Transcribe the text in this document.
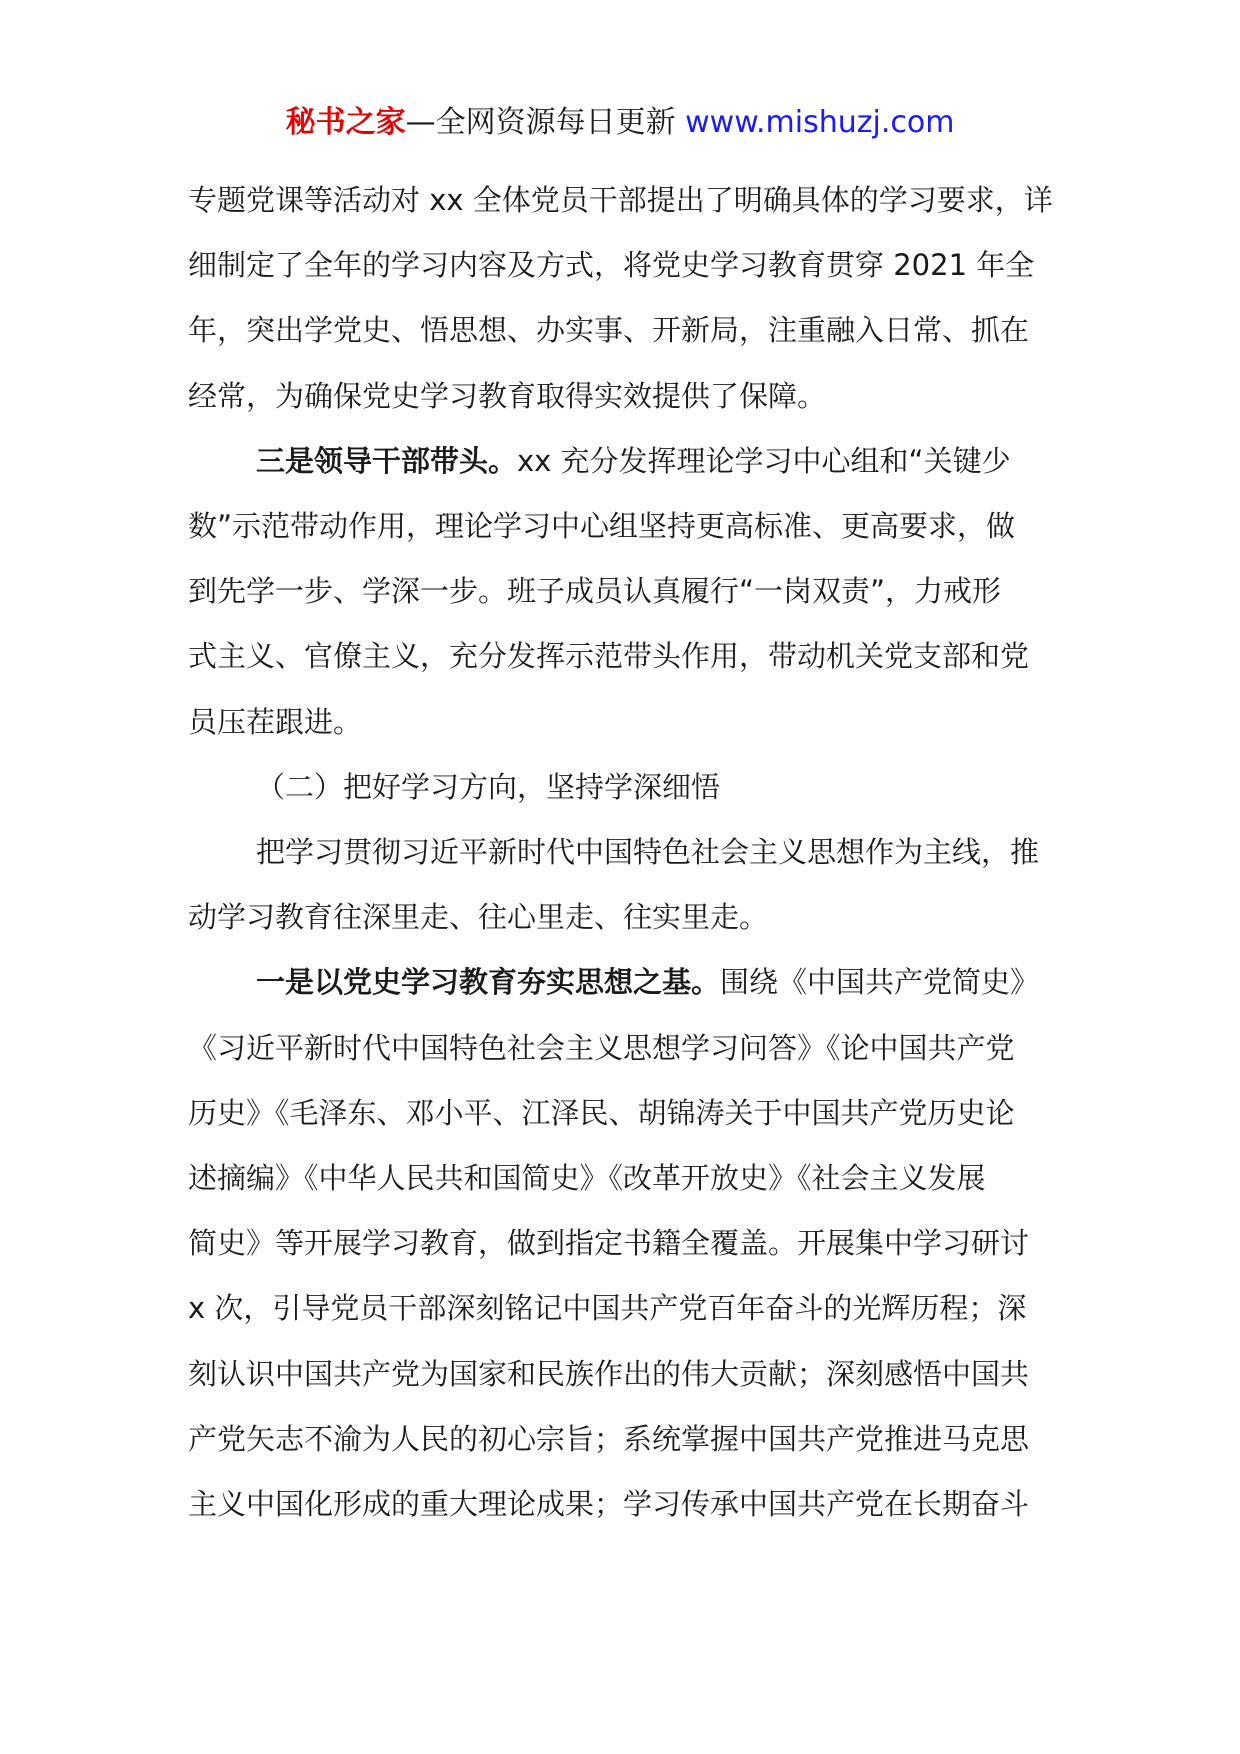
秘书之家—全网资源每日更新 www.mishuzj.com
专题党课等活动对 xx 全体党员干部提出了明确具体的学习要求，详
细制定了全年的学习内容及方式，将党史学习教育贯穿 2021 年全
年，突出学党史、悟思想、办实事、开新局，注重融入日常、抓在
经常，为确保党史学习教育取得实效提供了保障。
三是领导干部带头。xx 充分发挥理论学习中心组和“关键少
数”示范带动作用，理论学习中心组坚持更高标准、更高要求，做
到先学一步、学深一步。班子成员认真履行“一岗双责”，力戒形
式主义、官僚主义，充分发挥示范带头作用，带动机关党支部和党
员压茬跟进。
（二）把好学习方向，坚持学深细悟
把学习贯彻习近平新时代中国特色社会主义思想作为主线，推
动学习教育往深里走、往心里走、往实里走。
一是以党史学习教育夯实思想之基。围绕《中国共产党简史》
《习近平新时代中国特色社会主义思想学习问答》《论中国共产党
历史》《毛泽东、邓小平、江泽民、胡锦涛关于中国共产党历史论
述摘编》《中华人民共和国简史》《改革开放史》《社会主义发展
简史》等开展学习教育，做到指定书籍全覆盖。开展集中学习研讨
x 次，引导党员干部深刻铭记中国共产党百年奋斗的光辉历程；深
刻认识中国共产党为国家和民族作出的伟大贡献；深刻感悟中国共
产党矢志不渝为人民的初心宗旨；系统掌握中国共产党推进马克思
主义中国化形成的重大理论成果；学习传承中国共产党在长期奋斗
